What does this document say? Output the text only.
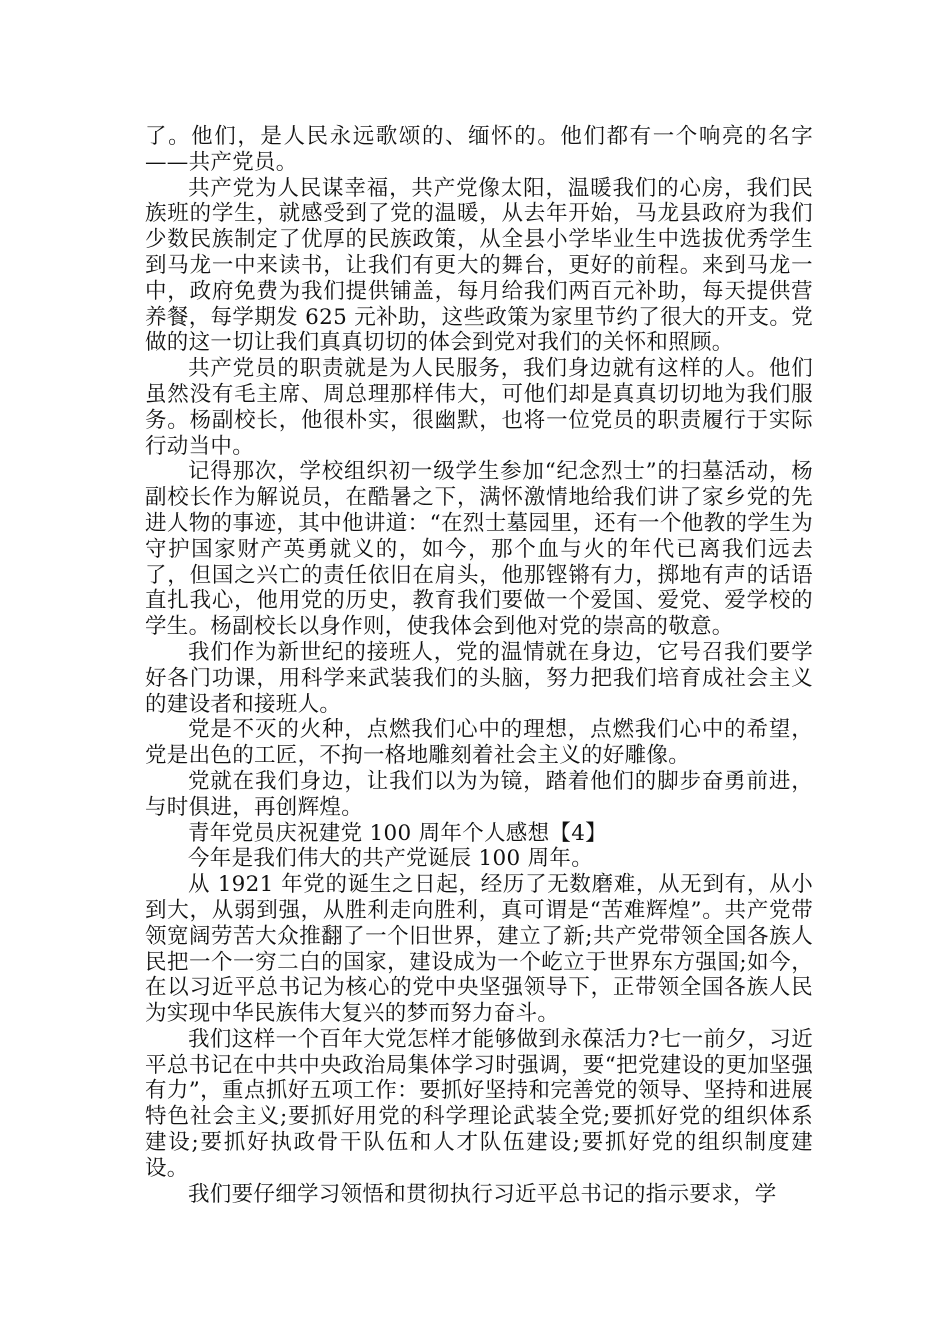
了。他们，是人民永远歌颂的、缅怀的。他们都有一个响亮的名字——共产党员。

共产党为人民谋幸福，共产党像太阳，温暖我们的心房，我们民族班的学生，就感受到了党的温暖，从去年开始，马龙县政府为我们少数民族制定了优厚的民族政策，从全县小学毕业生中选拔优秀学生到马龙一中来读书，让我们有更大的舞台，更好的前程。来到马龙一中，政府免费为我们提供铺盖，每月给我们两百元补助，每天提供营养餐，每学期发 625 元补助，这些政策为家里节约了很大的开支。党做的这一切让我们真真切切的体会到党对我们的关怀和照顾。

共产党员的职责就是为人民服务，我们身边就有这样的人。他们虽然没有毛主席、周总理那样伟大，可他们却是真真切切地为我们服务。杨副校长，他很朴实，很幽默，也将一位党员的职责履行于实际行动当中。

记得那次，学校组织初一级学生参加“纪念烈士”的扫墓活动，杨副校长作为解说员，在酷暑之下，满怀激情地给我们讲了家乡党的先进人物的事迹，其中他讲道：“在烈士墓园里，还有一个他教的学生为守护国家财产英勇就义的，如今，那个血与火的年代已离我们远去了，但国之兴亡的责任依旧在肩头，他那铿锵有力，掷地有声的话语直扎我心，他用党的历史，教育我们要做一个爱国、爱党、爱学校的学生。杨副校长以身作则，使我体会到他对党的崇高的敬意。

我们作为新世纪的接班人，党的温情就在身边，它号召我们要学好各门功课，用科学来武装我们的头脑，努力把我们培育成社会主义的建设者和接班人。

党是不灭的火种，点燃我们心中的理想，点燃我们心中的希望，党是出色的工匠，不拘一格地雕刻着社会主义的好雕像。

党就在我们身边，让我们以为为镜，踏着他们的脚步奋勇前进，与时俱进，再创辉煌。

青年党员庆祝建党 100 周年个人感想【4】

今年是我们伟大的共产党诞辰 100 周年。

从 1921 年党的诞生之日起，经历了无数磨难，从无到有，从小到大，从弱到强，从胜利走向胜利，真可谓是“苦难辉煌”。共产党带领宽阔劳苦大众推翻了一个旧世界，建立了新;共产党带领全国各族人民把一个一穷二白的国家，建设成为一个屹立于世界东方强国;如今，在以习近平总书记为核心的党中央坚强领导下，正带领全国各族人民为实现中华民族伟大复兴的梦而努力奋斗。

我们这样一个百年大党怎样才能够做到永葆活力?七一前夕，习近平总书记在中共中央政治局集体学习时强调，要“把党建设的更加坚强有力”，重点抓好五项工作：要抓好坚持和完善党的领导、坚持和进展特色社会主义;要抓好用党的科学理论武装全党;要抓好党的组织体系建设;要抓好执政骨干队伍和人才队伍建设;要抓好党的组织制度建设。

我们要仔细学习领悟和贯彻执行习近平总书记的指示要求，学
